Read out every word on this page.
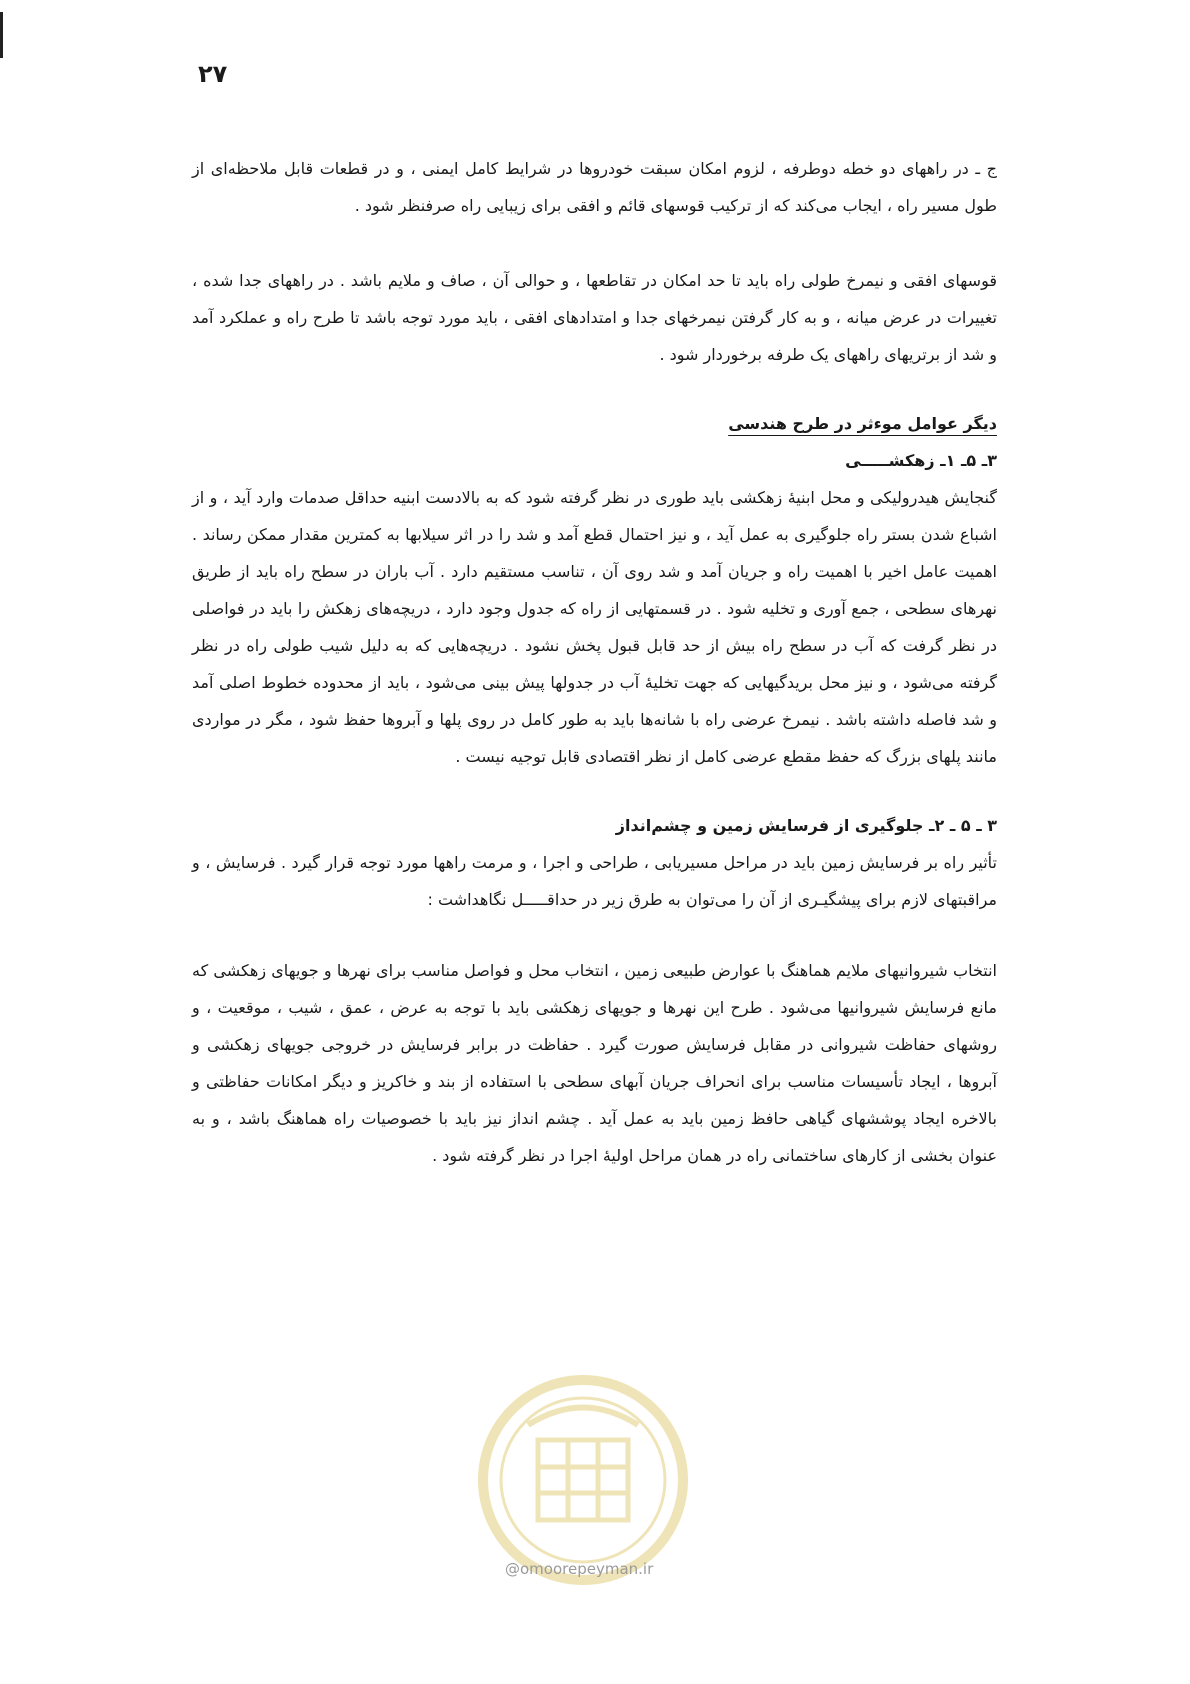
۲۷

ج ـ در راههای دو خطه دوطرفه ، لزوم امکان سبقت خودروها در شرایط کامل ایمنی ، و در قطعات قابل ملاحظه‌ای از طول مسیر راه ، ایجاب می‌کند که از ترکیب قوسهای قائم و افقی برای زیبایی راه صرفنظر شود .

قوسهای افقی و نیمرخ طولی راه باید تا حد امکان در تقاطعها ، و حوالی آن ، صاف و ملایم باشد . در راههای جدا شده ، تغییرات در عرض میانه ، و به کار گرفتن نیمرخهای جدا و امتدادهای افقی ، باید مورد توجه باشد تا طرح راه و عملکرد آمد و شد از برتریهای راههای یک طرفه برخوردار شود .

دیگر عوامل موءثر در طرح هندسی

۳ـ ۵ـ ۱ـ زهکشـــــی

گنجایش هیدرولیکی و محل ابنیه‌ٔ زهکشی باید طوری در نظر گرفته شود که به بالادست ابنیه حداقل صدمات وارد آید ، و از اشباع شدن بستر راه جلوگیری به عمل آید ، و نیز احتمال قطع آمد و شد را در اثر سیلابها به کمترین مقدار ممکن رساند . اهمیت عامل اخیر با اهمیت راه و جریان آمد و شد روی آن ، تناسب مستقیم دارد . آب باران در سطح راه باید از طریق نهرهای سطحی ، جمع آوری و تخلیه شود . در قسمتهایی از راه که جدول وجود دارد ، دریچه‌های زهکش را باید در فواصلی در نظر گرفت که آب در سطح راه بیش از حد قابل قبول پخش نشود . دریچه‌هایی که به دلیل شیب طولی راه در نظر گرفته می‌شود ، و نیز محل بریدگیهایی که جهت تخلیه‌ٔ آب در جدولها پیش بینی می‌شود ، باید از محدوده خطوط اصلی آمد و شد فاصله داشته باشد . نیمرخ عرضی راه با شانه‌ها باید به طور کامل در روی پلها و آبروها حفظ شود ، مگر در مواردی مانند پلهای بزرگ که حفظ مقطع عرضی کامل از نظر اقتصادی قابل توجیه نیست .

۳ ـ ۵ ـ ۲ـ جلوگیری از فرسایش زمین و چشم‌انداز

تأثیر راه بر فرسایش زمین باید در مراحل مسیریابی ، طراحی و اجرا ، و مرمت راهها مورد توجه قرار گیرد . فرسایش ، و مراقبتهای لازم برای پیشگیـری از آن را می‌توان به طرق زیر در حداقـــــل نگاهداشت :

انتخاب شیروانیهای ملایم هماهنگ با عوارض طبیعی زمین ، انتخاب محل و فواصل مناسب برای نهرها و جویهای زهکشی که مانع فرسایش شیروانیها می‌شود . طرح این نهرها و جویهای زهکشی باید با توجه به عرض ، عمق ، شیب ، موقعیت ، و روشهای حفاظت شیروانی در مقابل فرسایش صورت گیرد . حفاظت در برابر فرسایش در خروجی جویهای زهکشی و آبروها ، ایجاد تأسیسات مناسب برای انحراف جریان آبهای سطحی با استفاده از بند و خاکریز و دیگر امکانات حفاظتی و بالاخره ایجاد پوششهای گیاهی حافظ زمین باید به عمل آید . چشم انداز نیز باید با خصوصیات راه هماهنگ باشد ، و به عنوان بخشی از کارهای ساختمانی راه در همان مراحل اولیهٔ اجرا در نظر گرفته شود .

@omoorepeyman.ir
